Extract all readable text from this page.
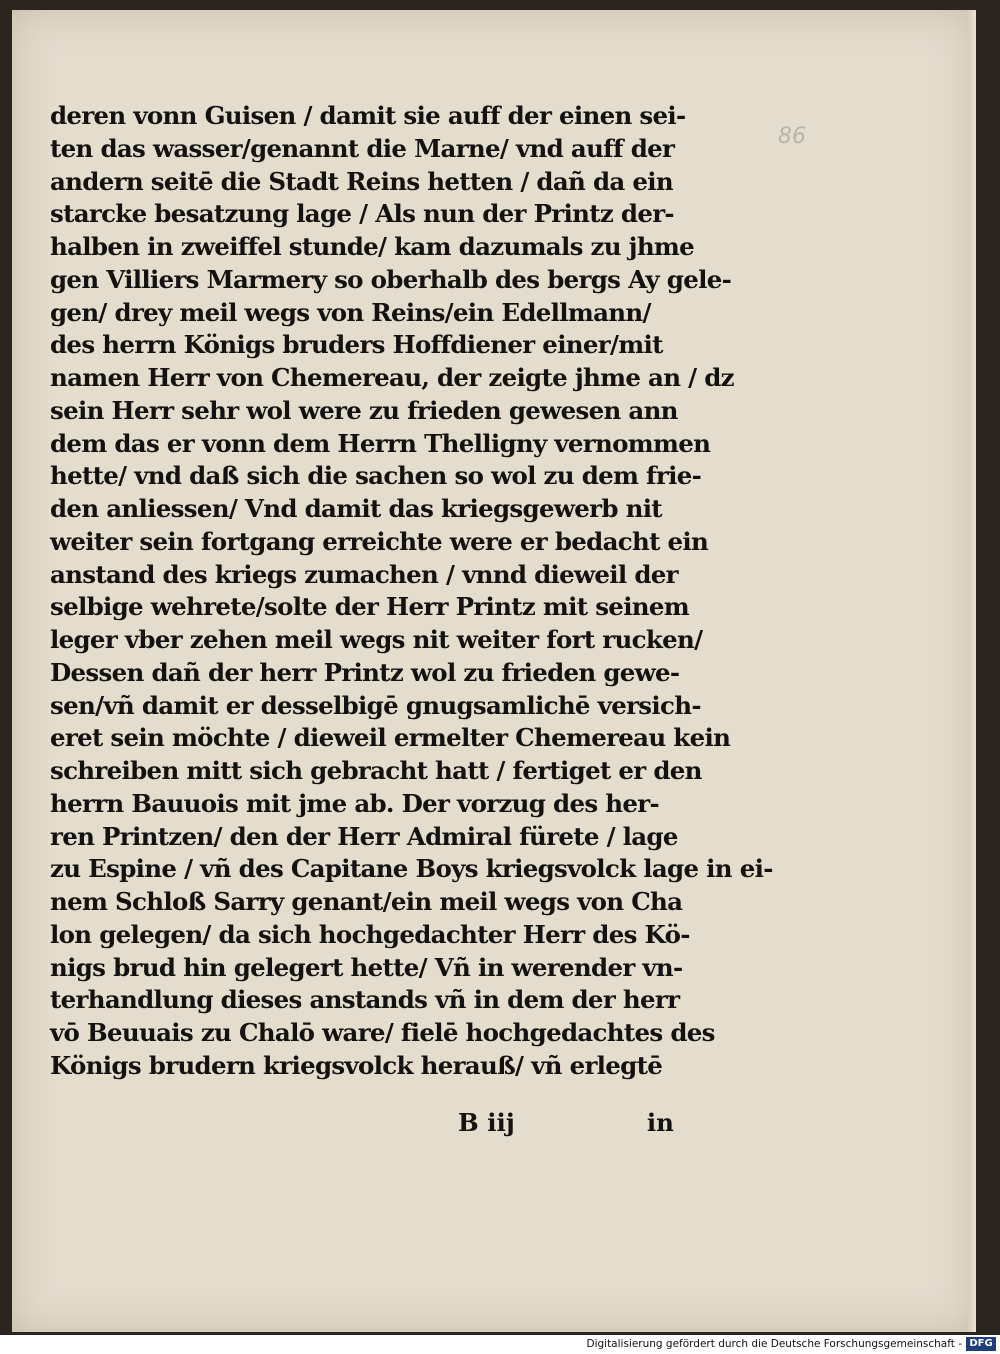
86
deren vonn Guisen / damit sie auff der einen sei-
ten das wasser/genannt die Marne/ vnd auff der
andern seitē die Stadt Reins hetten / dañ da ein
starcke besatzung lage / Als nun der Printz der-
halben in zweiffel stunde/ kam dazumals zu jhme
gen Villiers Marmery so oberhalb des bergs Ay gele-
gen/ drey meil wegs von Reins/ein Edellmann/
des herrn Königs bruders Hoffdiener einer/mit
namen Herr von Chemereau, der zeigte jhme an / dz
sein Herr sehr wol were zu frieden gewesen ann
dem das er vonn dem Herrn Thelligny vernommen
hette/ vnd daß sich die sachen so wol zu dem frie-
den anliessen/ Vnd damit das kriegsgewerb nit
weiter sein fortgang erreichte were er bedacht ein
anstand des kriegs zumachen / vnnd dieweil der
selbige wehrete/solte der Herr Printz mit seinem
leger vber zehen meil wegs nit weiter fort rucken/
Dessen dañ der herr Printz wol zu frieden gewe-
sen/vñ damit er desselbigē gnugsamlichē versich-
eret sein möchte / dieweil ermelter Chemereau kein
schreiben mitt sich gebracht hatt / fertiget er den
herrn Bauuois mit jme ab. Der vorzug des her-
ren Printzen/ den der Herr Admiral fürete / lage
zu Espine / vñ des Capitane Boys kriegsvolck lage in ei-
nem Schloß Sarry genant/ein meil wegs von Cha
lon gelegen/ da sich hochgedachter Herr des Kö-
nigs brud hin gelegert hette/ Vñ in werender vn-
terhandlung dieses anstands vñ in dem der herr
vō Beuuais zu Chalō ware/ fielē hochgedachtes des
Königs brudern kriegsvolck herauß/ vñ erlegtē
B iij	in
Digitalisierung gefördert durch die Deutsche Forschungsgemeinschaft - DFG
